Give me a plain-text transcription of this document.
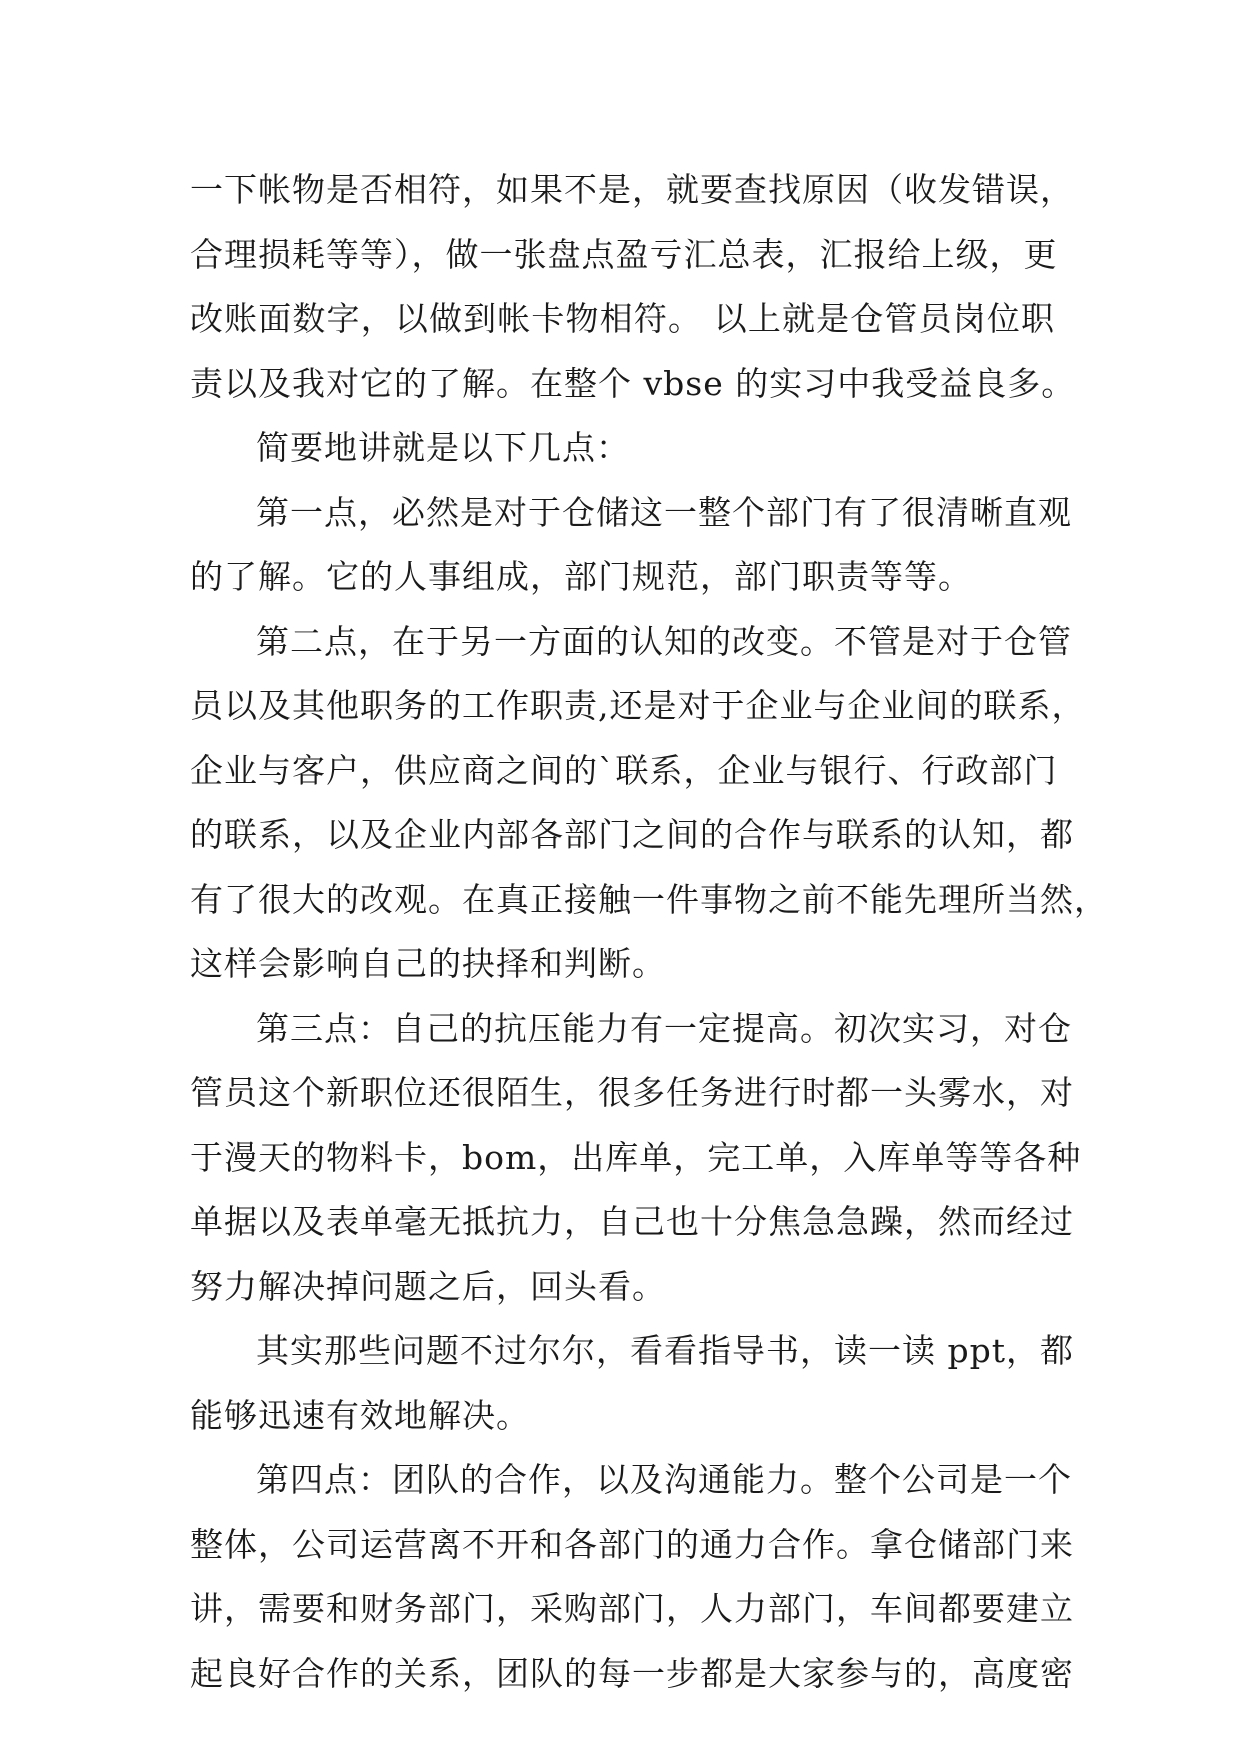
一下帐物是否相符，如果不是，就要查找原因（收发错误，
合理损耗等等），做一张盘点盈亏汇总表，汇报给上级，更
改账面数字，以做到帐卡物相符。 以上就是仓管员岗位职
责以及我对它的了解。在整个 vbse 的实习中我受益良多。
简要地讲就是以下几点：
第一点，必然是对于仓储这一整个部门有了很清晰直观
的了解。它的人事组成，部门规范，部门职责等等。
第二点，在于另一方面的认知的改变。不管是对于仓管
员以及其他职务的工作职责,还是对于企业与企业间的联系，
企业与客户，供应商之间的`联系，企业与银行、行政部门
的联系，以及企业内部各部门之间的合作与联系的认知，都
有了很大的改观。在真正接触一件事物之前不能先理所当然，
这样会影响自己的抉择和判断。
第三点：自己的抗压能力有一定提高。初次实习，对仓
管员这个新职位还很陌生，很多任务进行时都一头雾水，对
于漫天的物料卡，bom，出库单，完工单，入库单等等各种
单据以及表单毫无抵抗力，自己也十分焦急急躁，然而经过
努力解决掉问题之后，回头看。
其实那些问题不过尔尔，看看指导书，读一读 ppt，都
能够迅速有效地解决。
第四点：团队的合作，以及沟通能力。整个公司是一个
整体，公司运营离不开和各部门的通力合作。拿仓储部门来
讲，需要和财务部门，采购部门，人力部门，车间都要建立
起良好合作的关系，团队的每一步都是大家参与的，高度密
